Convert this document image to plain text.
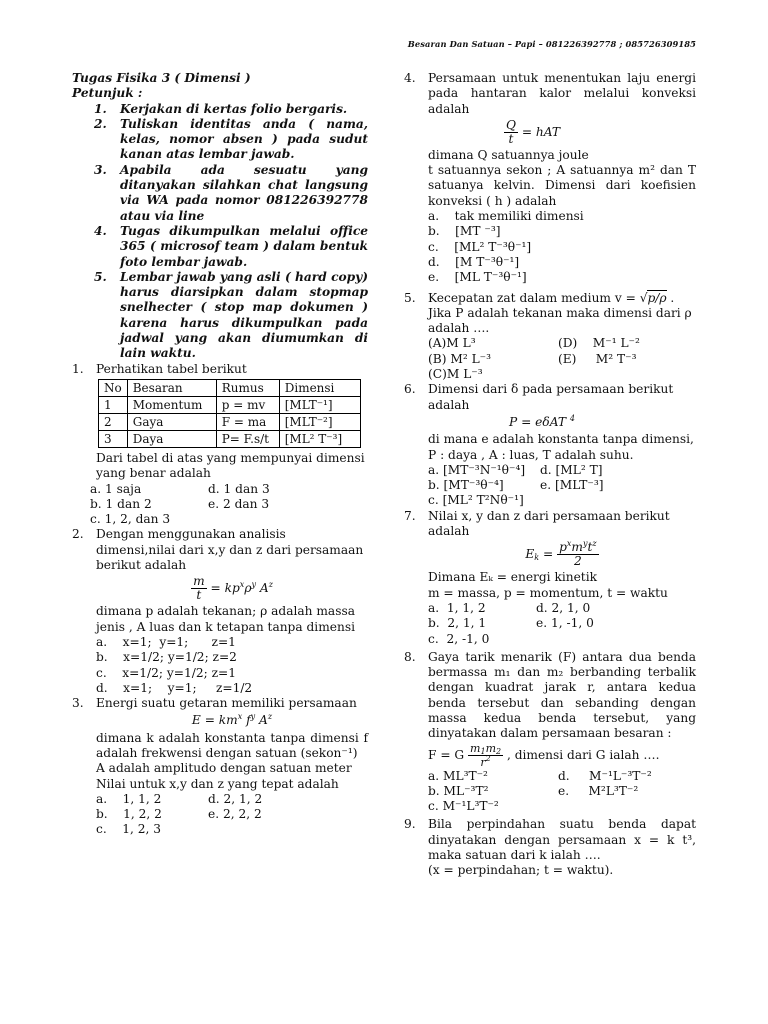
Besaran Dan Satuan – Papi – 081226392778 ; 085726309185

Tugas Fisika 3 ( Dimensi )

Petunjuk :

1.	Kerjakan di kertas folio bergaris.
2.	Tuliskan identitas anda ( nama, kelas, nomor absen ) pada sudut kanan atas lembar jawab.
3.	Apabila ada sesuatu yang ditanyakan silahkan chat langsung via WA pada nomor 081226392778 atau via line
4.	Tugas dikumpulkan melalui office 365 ( microsof team ) dalam bentuk foto lembar jawab.
5.	Lembar jawab yang asli ( hard copy) harus diarsipkan dalam stopmap snelhecter ( stop map dokumen ) karena harus dikumpulkan pada jadwal yang akan diumumkan di lain waktu.
1.	Perhatikan tabel berikut

No	Besaran	Rumus	Dimensi
1	Momentum	p = mv	[MLT⁻¹]
2	Gaya	F = ma	[MLT⁻²]
3	Daya	P= F.s/t	[ML² T⁻³]

Dari tabel di atas yang mempunyai dimensi yang benar adalah

a. 1 saja	d. 1 dan 3
b. 1 dan 2	e. 2 dan 3
c. 1, 2, dan 3
2.	Dengan menggunakan analisis dimensi,nilai dari x,y dan z dari persamaan berikut adalah

$\frac{m}{t} = kp^x\rho^y$ $A^z$

dimana p adalah tekanan; ρ adalah massa jenis , A luas dan k tetapan tanpa dimensi

a.    x=1;  y=1;      z=1
b.    x=1/2; y=1/2; z=2
c.    x=1/2; y=1/2; z=1
d.    x=1;    y=1;     z=1/2
3.	Energi suatu getaran memiliki persamaan

$E = km^x$ $f^y$ $A^z$

dimana k adalah konstanta tanpa dimensi f adalah frekwensi dengan satuan (sekon⁻¹)

A adalah amplitudo dengan satuan meter

Nilai untuk x,y dan z yang tepat adalah

a.    1, 1, 2	d. 2, 1, 2
b.    1, 2, 2	e. 2, 2, 2
c.    1, 2, 3
4.	Persamaan untuk menentukan laju energi pada hantaran kalor melalui konveksi adalah

$\frac{Q}{t}$ = hAT

dimana Q satuannya joule

t satuannya sekon ; A satuannya m² dan T satuanya kelvin. Dimensi dari koefisien konveksi ( h ) adalah

a.    tak memiliki dimensi
b.    [MT ⁻³]
c.    [ML² T⁻³θ⁻¹]
d.    [M T⁻³θ⁻¹]
e.    [ML T⁻³θ⁻¹]
5.	Kecepatan zat dalam medium v = √p/ρ .

Jika P adalah tekanan maka dimensi dari ρ adalah ….

(A)M L³	(D)    M⁻¹ L⁻²
(B) M² L⁻³	(E)     M² T⁻³
(C)M L⁻³
6.	Dimensi dari δ pada persamaan berikut adalah

P = eδAT $^4$

di mana e adalah konstanta tanpa dimensi,

P : daya , A : luas, T adalah suhu.

a. [MT⁻³N⁻¹θ⁻⁴]	d. [ML² T]
b. [MT⁻³θ⁻⁴]	e. [MLT⁻³]
c. [ML² T²Nθ⁻¹]
7.	Nilai x, y dan z dari persamaan berikut adalah

$E_k = \frac{p^xm^yt^z}{2}$

Dimana Eₖ = energi kinetik

m = massa, p = momentum, t = waktu

a.  1, 1, 2	d. 2, 1, 0
b.  2, 1, 1	e. 1, -1, 0
c.  2, -1, 0
8.	Gaya tarik menarik (F) antara dua benda bermassa m₁ dan m₂ berbanding terbalik dengan kuadrat jarak r, antara kedua benda tersebut dan sebanding dengan massa kedua benda tersebut, yang dinyatakan dalam persamaan besaran :

F = G $\frac{m_1m_2}{r^2}$ , dimensi dari G ialah ….

a. ML³T⁻²	d.     M⁻¹L⁻³T⁻²
b. ML⁻³T²	e.     M²L³T⁻²
c. M⁻¹L³T⁻²
9.	Bila perpindahan suatu benda dapat dinyatakan dengan persamaan x = k t³, maka satuan dari k ialah ….

(x = perpindahan; t = waktu).
